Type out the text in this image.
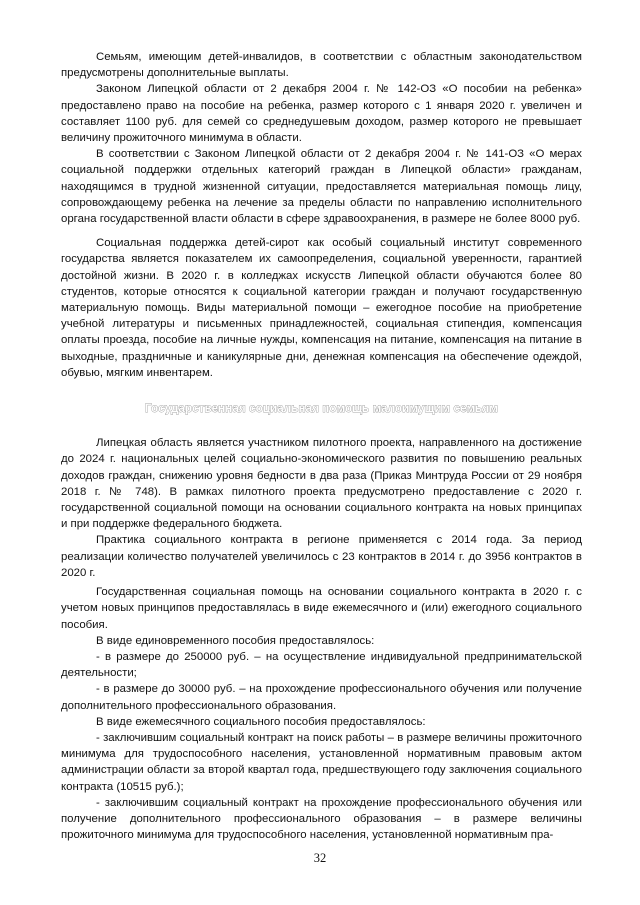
Семьям, имеющим детей-инвалидов, в соответствии с областным законодательством предусмотрены дополнительные выплаты.

Законом Липецкой области от 2 декабря 2004 г. № 142-ОЗ «О пособии на ребенка» предоставлено право на пособие на ребенка, размер которого с 1 января 2020 г. увеличен и составляет 1100 руб. для семей со среднедушевым доходом, размер которого не превышает величину прожиточного минимума в области.

В соответствии с Законом Липецкой области от 2 декабря 2004 г. № 141-ОЗ «О мерах социальной поддержки отдельных категорий граждан в Липецкой области» гражданам, находящимся в трудной жизненной ситуации, предоставляется материальная помощь лицу, сопровождающему ребенка на лечение за пределы области по направлению исполнительного органа государственной власти области в сфере здравоохранения, в размере не более 8000 руб.

Социальная поддержка детей-сирот как особый социальный институт современного государства является показателем их самоопределения, социальной уверенности, гарантией достойной жизни. В 2020 г. в колледжах искусств Липецкой области обучаются более 80 студентов, которые относятся к социальной категории граждан и получают государственную материальную помощь. Виды материальной помощи – ежегодное пособие на приобретение учебной литературы и письменных принадлежностей, социальная стипендия, компенсация оплаты проезда, пособие на личные нужды, компенсация на питание, компенсация на питание в выходные, праздничные и каникулярные дни, денежная компенсация на обеспечение одеждой, обувью, мягким инвентарем.

Государственная социальная помощь малоимущим семьям

Липецкая область является участником пилотного проекта, направленного на достижение до 2024 г. национальных целей социально-экономического развития по повышению реальных доходов граждан, снижению уровня бедности в два раза (Приказ Минтруда России от 29 ноября 2018 г. № 748). В рамках пилотного проекта предусмотрено предоставление с 2020 г. государственной социальной помощи на основании социального контракта на новых принципах и при поддержке федерального бюджета.

Практика социального контракта в регионе применяется с 2014 года. За период реализации количество получателей увеличилось с 23 контрактов в 2014 г. до 3956 контрактов в 2020 г.

Государственная социальная помощь на основании социального контракта в 2020 г. с учетом новых принципов предоставлялась в виде ежемесячного и (или) ежегодного социального пособия.

В виде единовременного пособия предоставлялось:

- в размере до 250000 руб. – на осуществление индивидуальной предпринимательской деятельности;

- в размере до 30000 руб. – на прохождение профессионального обучения или получение дополнительного профессионального образования.

В виде ежемесячного социального пособия предоставлялось:

- заключившим социальный контракт на поиск работы – в размере величины прожиточного минимума для трудоспособного населения, установленной нормативным правовым актом администрации области за второй квартал года, предшествующего году заключения социального контракта (10515 руб.);

- заключившим социальный контракт на прохождение профессионального обучения или получение дополнительного профессионального образования – в размере величины прожиточного минимума для трудоспособного населения, установленной нормативным пра-

32
